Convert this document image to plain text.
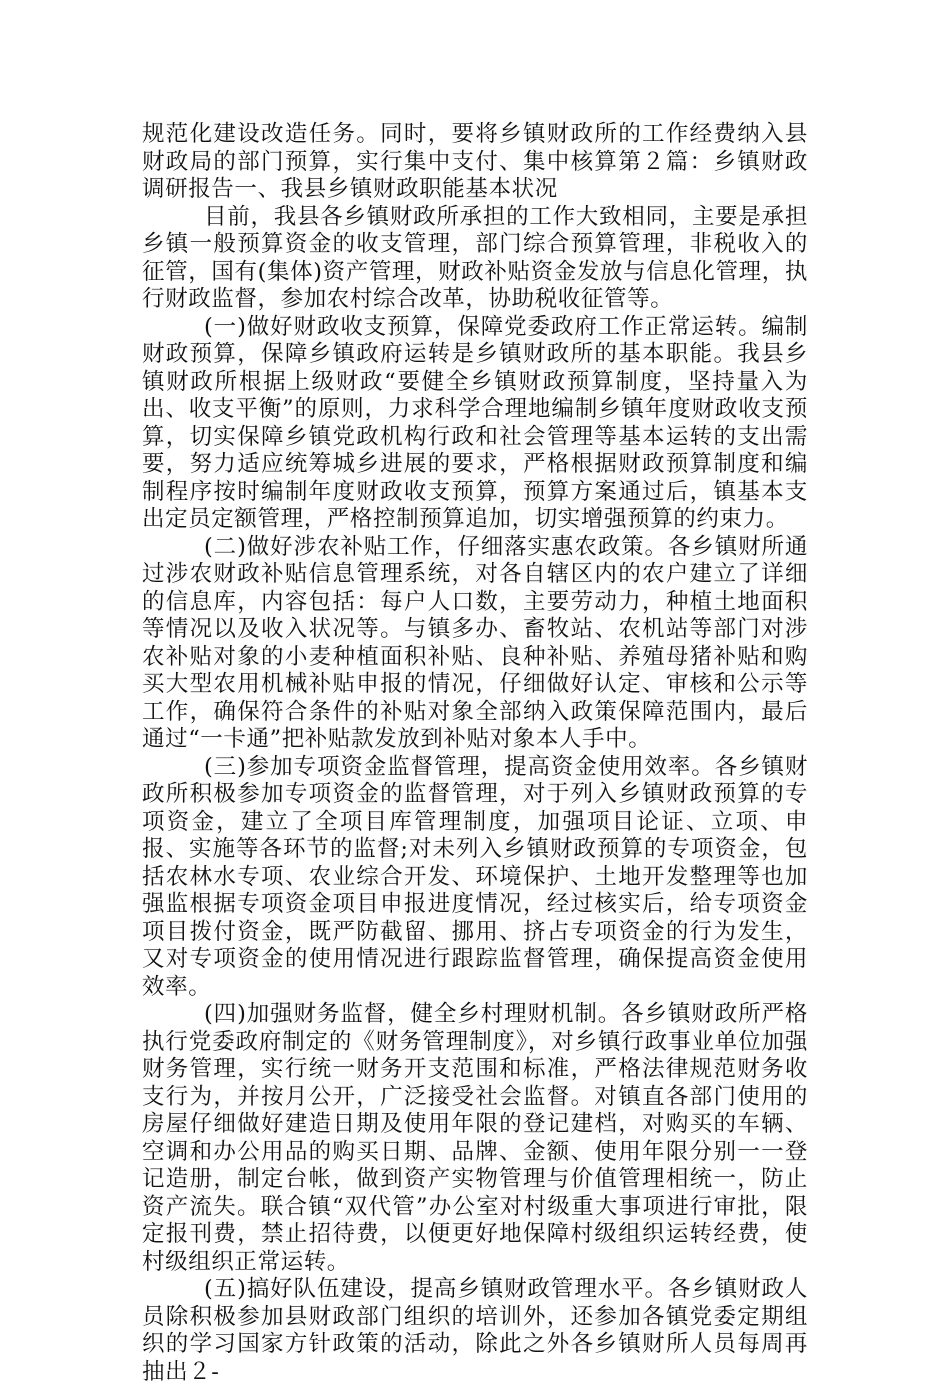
规范化建设改造任务。同时，要将乡镇财政所的工作经费纳入县财政局的部门预算，实行集中支付、集中核算第２篇：乡镇财政调研报告一、我县乡镇财政职能基本状况

目前，我县各乡镇财政所承担的工作大致相同，主要是承担乡镇一般预算资金的收支管理，部门综合预算管理，非税收入的征管，国有(集体)资产管理，财政补贴资金发放与信息化管理，执行财政监督，参加农村综合改革，协助税收征管等。

(一)做好财政收支预算，保障党委政府工作正常运转。编制财政预算，保障乡镇政府运转是乡镇财政所的基本职能。我县乡镇财政所根据上级财政“要健全乡镇财政预算制度，坚持量入为出、收支平衡”的原则，力求科学合理地编制乡镇年度财政收支预算，切实保障乡镇党政机构行政和社会管理等基本运转的支出需要，努力适应统筹城乡进展的要求，严格根据财政预算制度和编制程序按时编制年度财政收支预算，预算方案通过后，镇基本支出定员定额管理，严格控制预算追加，切实增强预算的约束力。

(二)做好涉农补贴工作，仔细落实惠农政策。各乡镇财所通过涉农财政补贴信息管理系统，对各自辖区内的农户建立了详细的信息库，内容包括：每户人口数，主要劳动力，种植土地面积等情况以及收入状况等。与镇多办、畜牧站、农机站等部门对涉农补贴对象的小麦种植面积补贴、良种补贴、养殖母猪补贴和购买大型农用机械补贴申报的情况，仔细做好认定、审核和公示等工作，确保符合条件的补贴对象全部纳入政策保障范围内，最后通过“一卡通”把补贴款发放到补贴对象本人手中。

(三)参加专项资金监督管理，提高资金使用效率。各乡镇财政所积极参加专项资金的监督管理，对于列入乡镇财政预算的专项资金，建立了全项目库管理制度，加强项目论证、立项、申报、实施等各环节的监督;对未列入乡镇财政预算的专项资金，包括农林水专项、农业综合开发、环境保护、土地开发整理等也加强监根据专项资金项目申报进度情况，经过核实后，给专项资金项目拨付资金，既严防截留、挪用、挤占专项资金的行为发生，又对专项资金的使用情况进行跟踪监督管理，确保提高资金使用效率。

(四)加强财务监督，健全乡村理财机制。各乡镇财政所严格执行党委政府制定的《财务管理制度》，对乡镇行政事业单位加强财务管理，实行统一财务开支范围和标准，严格法律规范财务收支行为，并按月公开，广泛接受社会监督。对镇直各部门使用的房屋仔细做好建造日期及使用年限的登记建档，对购买的车辆、空调和办公用品的购买日期、品牌、金额、使用年限分别一一登记造册，制定台帐，做到资产实物管理与价值管理相统一，防止资产流失。联合镇“双代管”办公室对村级重大事项进行审批，限定报刊费，禁止招待费，以便更好地保障村级组织运转经费，使村级组织正常运转。

(五)搞好队伍建设，提高乡镇财政管理水平。各乡镇财政人员除积极参加县财政部门组织的培训外，还参加各镇党委定期组织的学习国家方针政策的活动，除此之外各乡镇财所人员每周再抽出２-
